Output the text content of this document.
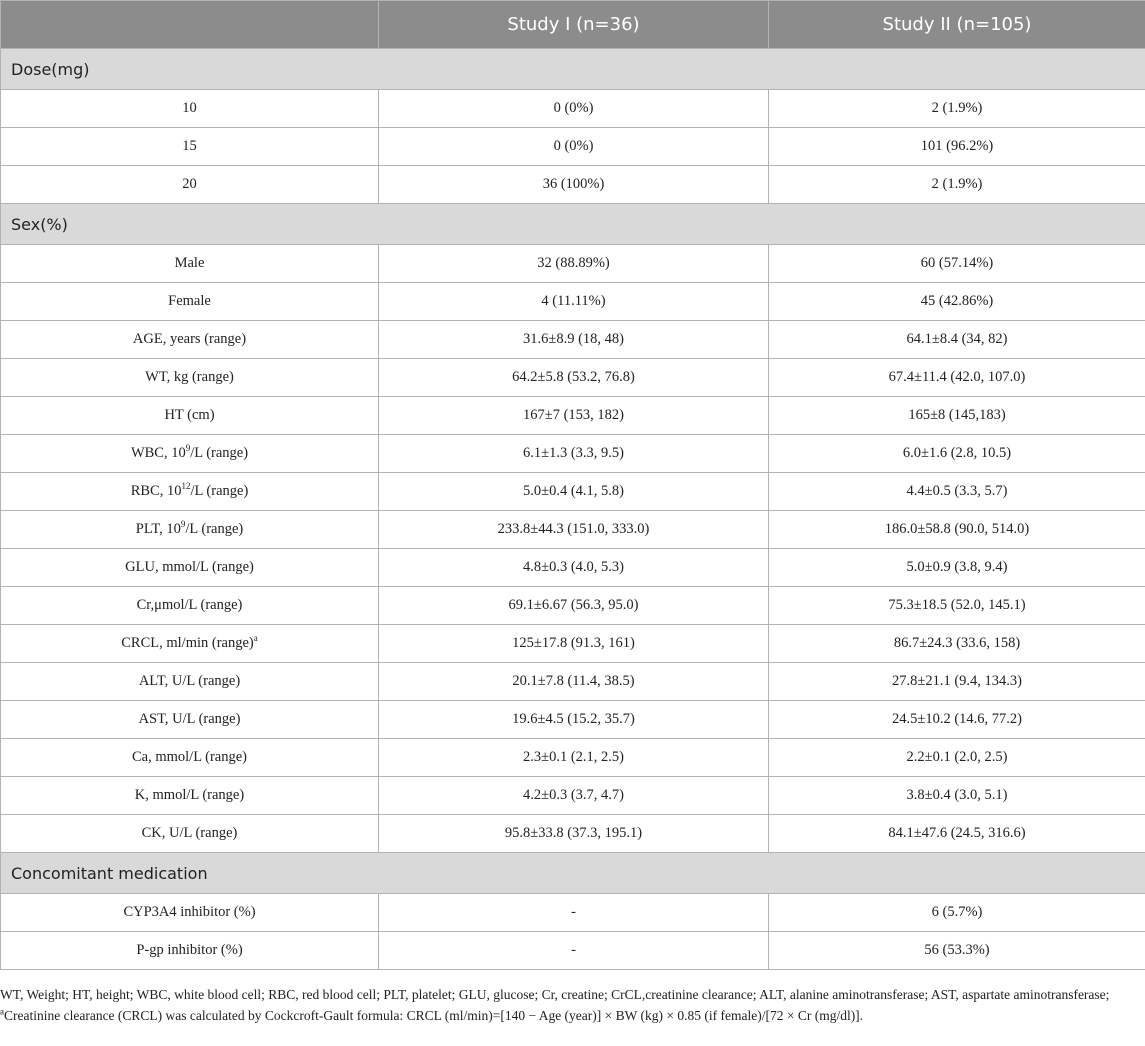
	Study I (n=36)	Study II (n=105)
Dose(mg)		
10	0 (0%)	2 (1.9%)
15	0 (0%)	101 (96.2%)
20	36 (100%)	2 (1.9%)
Sex(%)		
Male	32 (88.89%)	60 (57.14%)
Female	4 (11.11%)	45 (42.86%)
AGE, years (range)	31.6±8.9 (18, 48)	64.1±8.4 (34, 82)
WT, kg (range)	64.2±5.8 (53.2, 76.8)	67.4±11.4 (42.0, 107.0)
HT (cm)	167±7 (153, 182)	165±8 (145,183)
WBC, $10^9/L$ (range)	6.1±1.3 (3.3, 9.5)	6.0±1.6 (2.8, 10.5)
RBC, $10^{12}/L$ (range)	5.0±0.4 (4.1, 5.8)	4.4±0.5 (3.3, 5.7)
PLT, $10^9/L$ (range)	233.8±44.3 (151.0, 333.0)	186.0±58.8 (90.0, 514.0)
GLU, mmol/L (range)	4.8±0.3 (4.0, 5.3)	5.0±0.9 (3.8, 9.4)
Cr,μmol/L (range)	69.1±6.67 (56.3, 95.0)	75.3±18.5 (52.0, 145.1)
CRCL, ml/min (range)$^a$	125±17.8 (91.3, 161)	86.7±24.3 (33.6, 158)
ALT, U/L (range)	20.1±7.8 (11.4, 38.5)	27.8±21.1 (9.4, 134.3)
AST, U/L (range)	19.6±4.5 (15.2, 35.7)	24.5±10.2 (14.6, 77.2)
Ca, mmol/L (range)	2.3±0.1 (2.1, 2.5)	2.2±0.1 (2.0, 2.5)
K, mmol/L (range)	4.2±0.3 (3.7, 4.7)	3.8±0.4 (3.0, 5.1)
CK, U/L (range)	95.8±33.8 (37.3, 195.1)	84.1±47.6 (24.5, 316.6)
Concomitant medication		
CYP3A4 inhibitor (%)	-	6 (5.7%)
P-gp inhibitor (%)	-	56 (53.3%)

WT, Weight; HT, height; WBC, white blood cell; RBC, red blood cell; PLT, platelet; GLU, glucose; Cr, creatine; CrCL,creatinine clearance; ALT, alanine aminotransferase; AST, aspartate aminotransferase;

$^a$Creatinine clearance (CRCL) was calculated by Cockcroft-Gault formula: CRCL (ml/min)=[140 − Age (year)] × BW (kg) × 0.85 (if female)/[72 × Cr (mg/dl)].
